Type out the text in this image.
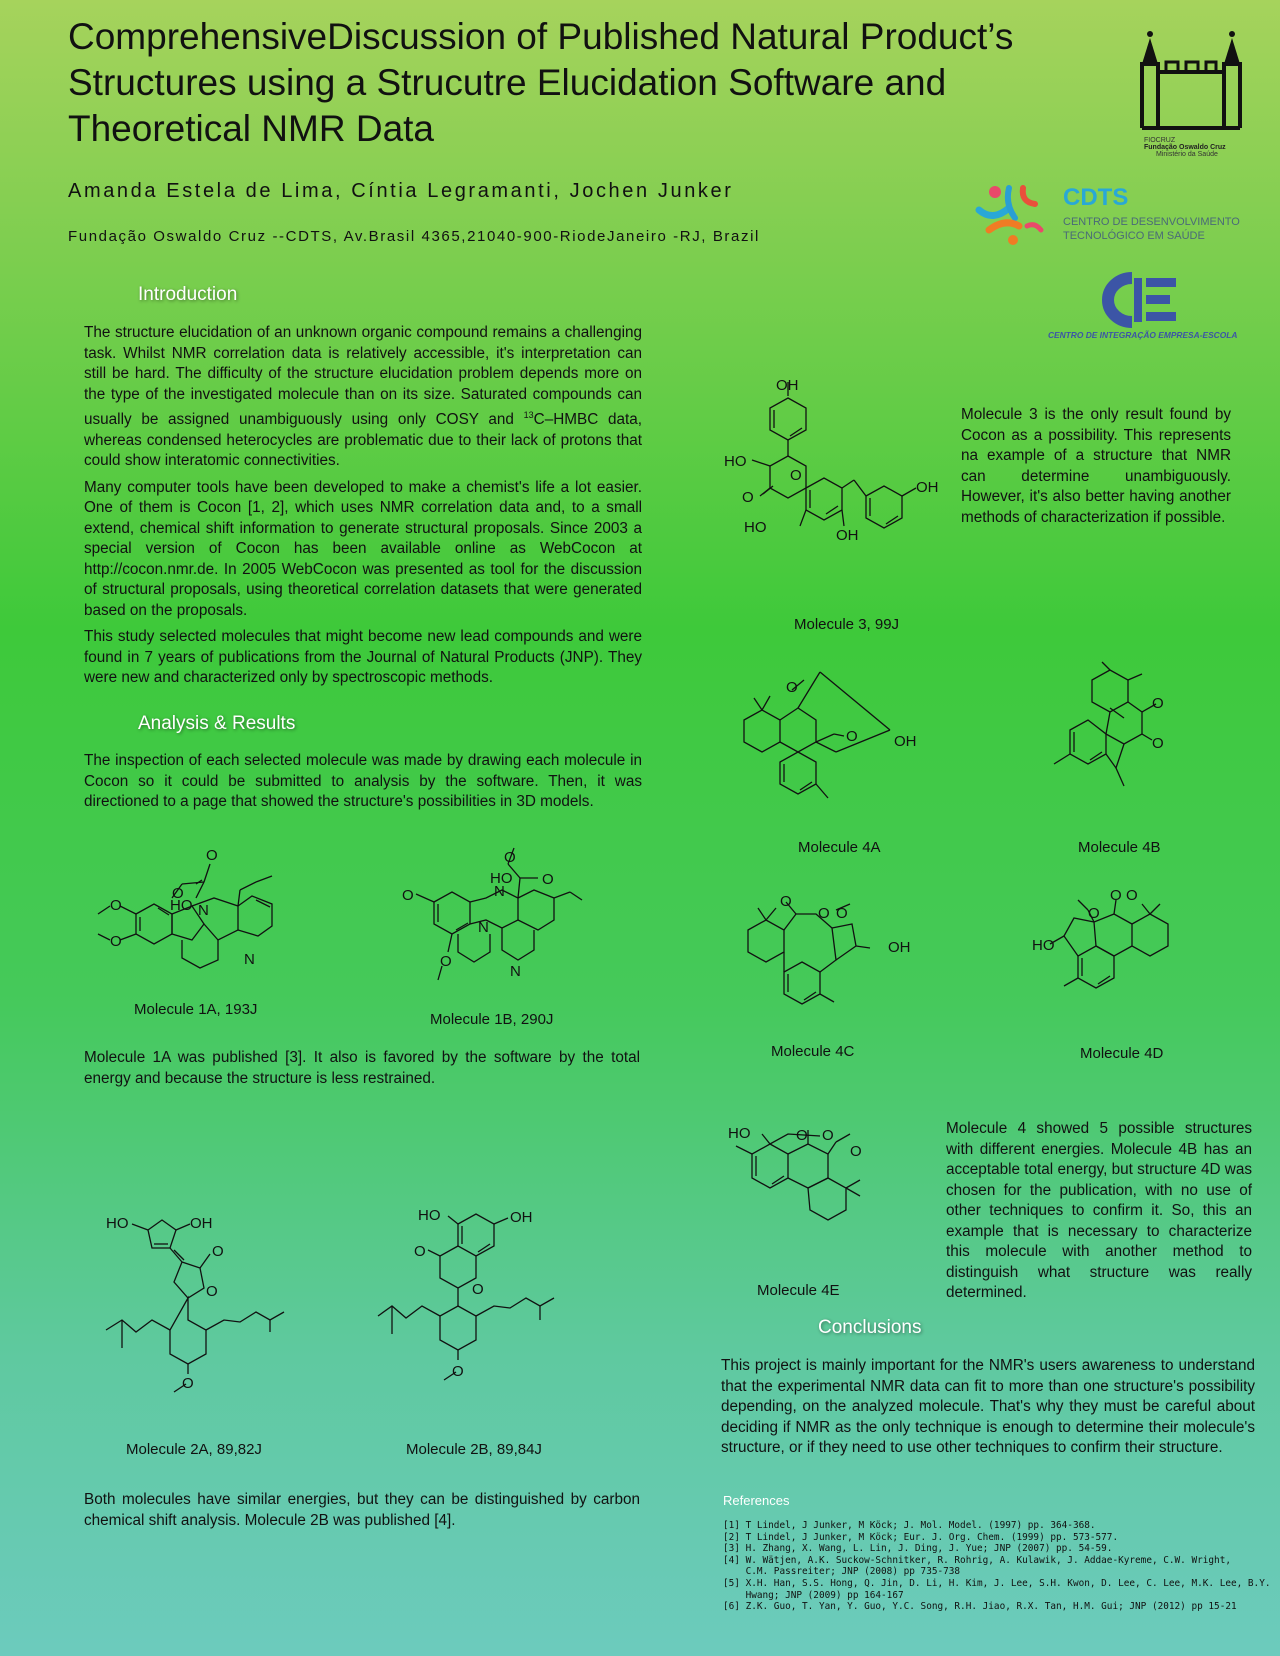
ComprehensiveDiscussion of Published Natural Product’s
Structures using a Strucutre Elucidation Software and
Theoretical NMR Data
Amanda Estela de Lima, Cíntia Legramanti, Jochen Junker
Fundação Oswaldo Cruz --CDTS, Av.Brasil 4365,21040-900-RiodeJaneiro -RJ, Brazil
FIOCRUZ
Fundação Oswaldo Cruz
Ministério da Saúde
CDTS
CENTRO DE DESENVOLVIMENTO
TECNOLÓGICO EM SAÚDE
CENTRO DE INTEGRAÇÃO EMPRESA-ESCOLA
Introduction

The structure elucidation of an unknown organic compound remains a challenging task. Whilst NMR correlation data is relatively accessible, it's interpretation can still be hard. The difficulty of the structure elucidation problem depends more on the type of the investigated molecule than on its size. Saturated compounds can usually be assigned unambiguously using only COSY and $^{13}$C–HMBC data, whereas condensed heterocycles are problematic due to their lack of protons that could show interatomic connectivities.

Many computer tools have been developed to make a chemist's life a lot easier. One of them is Cocon [1, 2], which uses NMR correlation data and, to a small extend, chemical shift information to generate structural proposals. Since 2003 a special version of Cocon has been available online as WebCocon at http://cocon.nmr.de. In 2005 WebCocon was presented as tool for the discussion of structural proposals, using theoretical correlation datasets that were generated based on the proposals.

This study selected molecules that might become new lead compounds and were found in 7 years of publications from the Journal of Natural Products (JNP). They were new and characterized only by spectroscopic methods.

Analysis & Results
The inspection of each selected molecule was made by drawing each molecule in Cocon so it could be submitted to analysis by the software. Then, it was directioned to a page that showed the structure's possibilities in 3D models.
O
O
N
N
O
O
HO
Molecule 1A, 193J
O	N
N
N
O
O
O
HO
Molecule 1B, 290J
Molecule 1A was published [3]. It also is favored by the software by the total energy and because the structure is less restrained.
HO	OH
O
O
O
Molecule 2A, 89,82J
HO	OH
O
O
O
Molecule 2B, 89,84J
Both molecules have similar energies, but they can be distinguished by carbon chemical shift analysis. Molecule 2B was published [4].
OH
HO
HO	OH
O
O
OH
Molecule 3, 99J
Molecule 3 is the only result found by Cocon as a possibility. This represents na example of a structure that NMR can determine unambiguously. However, it's also better having another methods of characterization if possible.
O
O OH
Molecule 4A
O
O
Molecule 4B
O
O O
OH
Molecule 4C
HO
O
O O
Molecule 4D
HO	O
O
O
Molecule 4E
Molecule 4 showed 5 possible structures with different energies. Molecule 4B has an acceptable total energy, but structure 4D was chosen for the publication, with no use of other techniques to confirm it. So, this an example that is necessary to characterize this molecule with another method to distinguish what structure was really determined.
Conclusions
This project is mainly important for the NMR's users awareness to understand that the experimental NMR data can fit to more than one structure's possibility depending, on the analyzed molecule. That's why they must be careful about deciding if NMR as the only technique is enough to determine their molecule's structure, or if they need to use other techniques to confirm their structure.
References
[1] T Lindel, J Junker, M Köck; J. Mol. Model. (1997) pp. 364-368.
[2] T Lindel, J Junker, M Köck; Eur. J. Org. Chem. (1999) pp. 573-577.
[3] H. Zhang, X. Wang, L. Lin, J. Ding, J. Yue; JNP (2007) pp. 54-59.
[4] W. Wätjen, A.K. Suckow-Schnitker, R. Rohrig, A. Kulawik, J. Addae-Kyreme, C.W. Wright,
C.M. Passreiter; JNP (2008) pp 735-738
[5] X.H. Han, S.S. Hong, Q. Jin, D. Li, H. Kim, J. Lee, S.H. Kwon, D. Lee, C. Lee, M.K. Lee, B.Y.
Hwang; JNP (2009) pp 164-167
[6] Z.K. Guo, T. Yan, Y. Guo, Y.C. Song, R.H. Jiao, R.X. Tan, H.M. Gui; JNP (2012) pp 15-21
